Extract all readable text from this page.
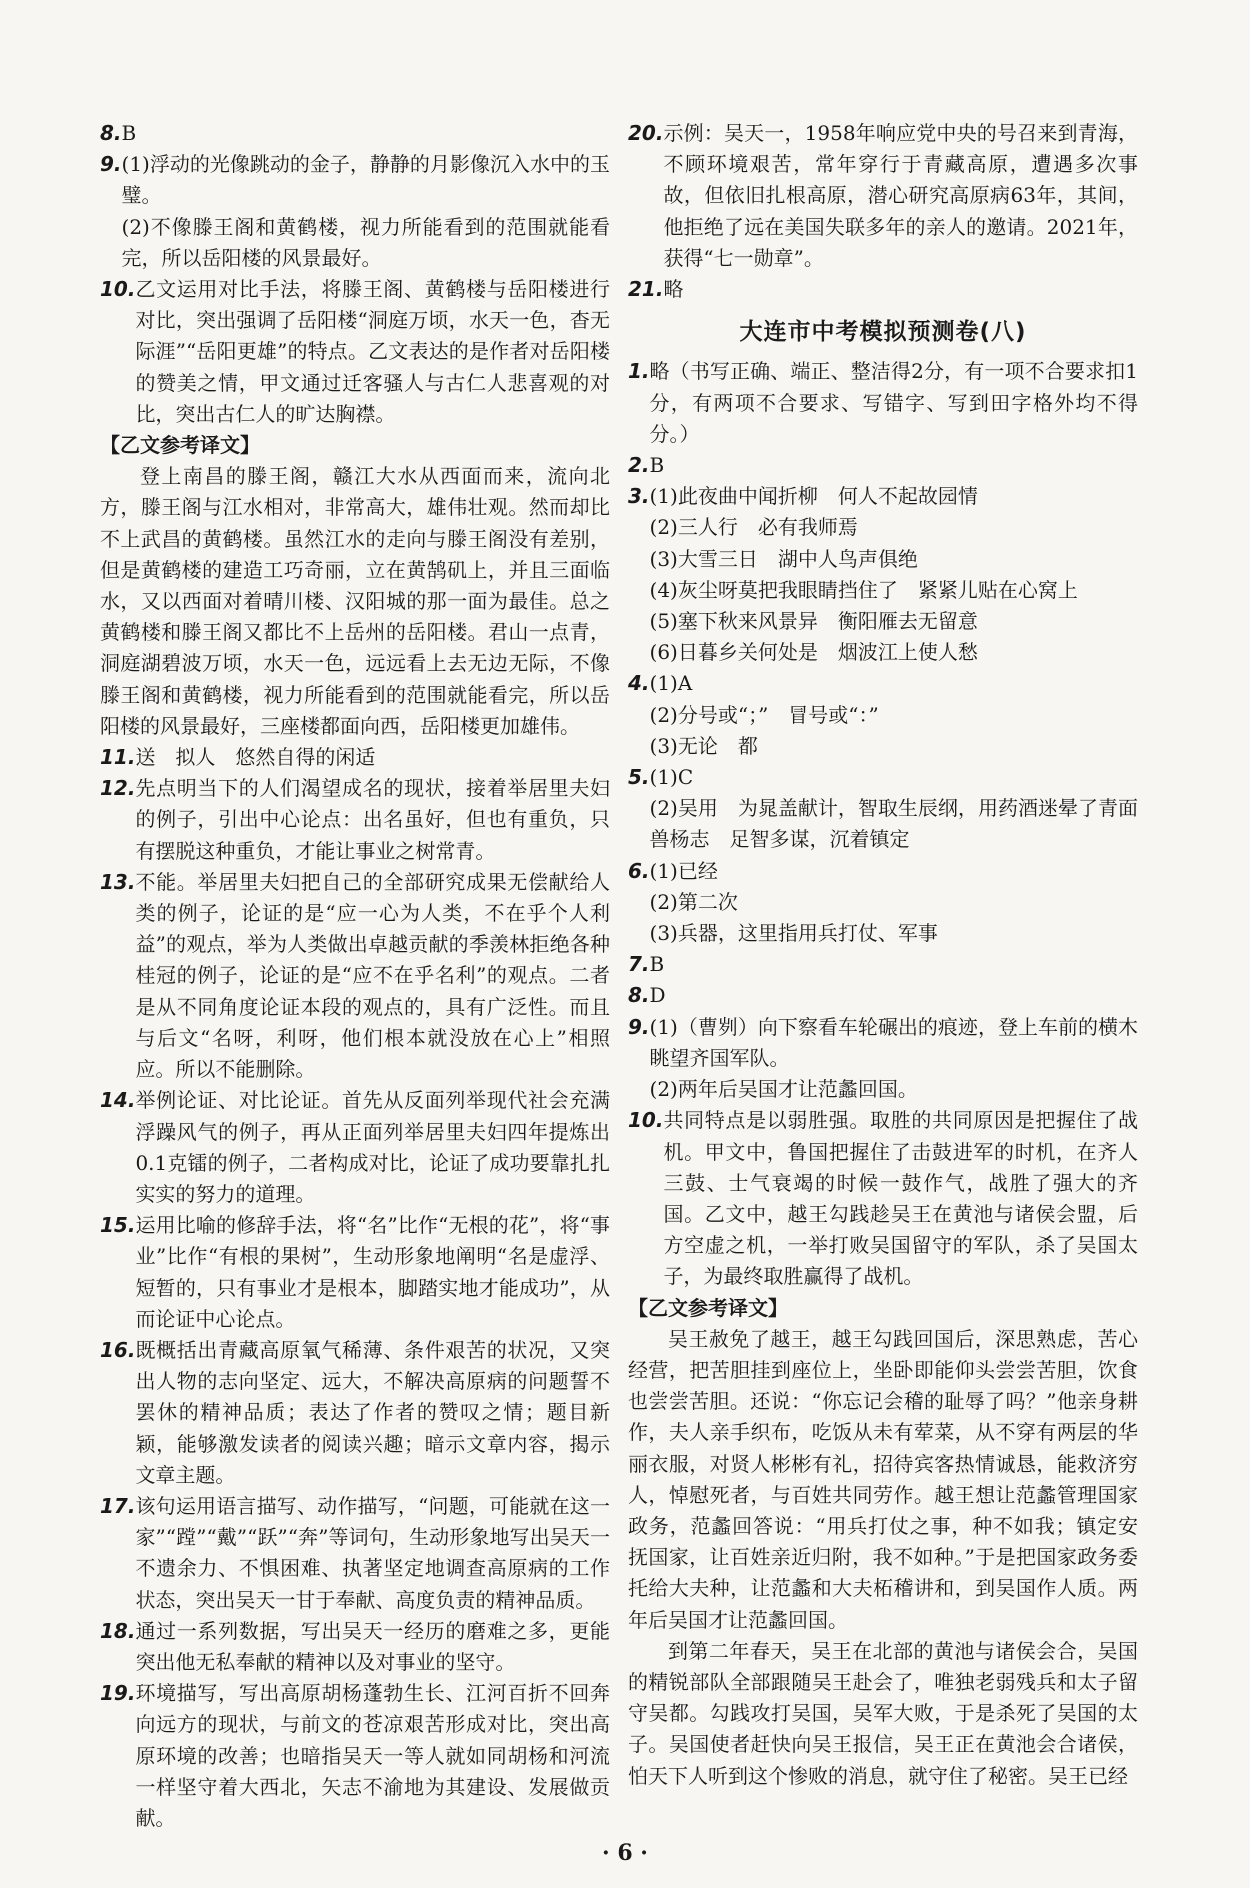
8. B

9. (1)浮动的光像跳动的金子，静静的月影像沉入水中的玉璧。

(2)不像滕王阁和黄鹤楼，视力所能看到的范围就能看完，所以岳阳楼的风景最好。

10. 乙文运用对比手法，将滕王阁、黄鹤楼与岳阳楼进行对比，突出强调了岳阳楼“洞庭万顷，水天一色，杳无际涯”“岳阳更雄”的特点。乙文表达的是作者对岳阳楼的赞美之情，甲文通过迁客骚人与古仁人悲喜观的对比，突出古仁人的旷达胸襟。

【乙文参考译文】

登上南昌的滕王阁，赣江大水从西面而来，流向北方，滕王阁与江水相对，非常高大，雄伟壮观。然而却比不上武昌的黄鹤楼。虽然江水的走向与滕王阁没有差别，但是黄鹤楼的建造工巧奇丽，立在黄鹄矶上，并且三面临水，又以西面对着晴川楼、汉阳城的那一面为最佳。总之黄鹤楼和滕王阁又都比不上岳州的岳阳楼。君山一点青，洞庭湖碧波万顷，水天一色，远远看上去无边无际，不像滕王阁和黄鹤楼，视力所能看到的范围就能看完，所以岳阳楼的风景最好，三座楼都面向西，岳阳楼更加雄伟。

11. 送　拟人　悠然自得的闲适

12. 先点明当下的人们渴望成名的现状，接着举居里夫妇的例子，引出中心论点：出名虽好，但也有重负，只有摆脱这种重负，才能让事业之树常青。

13. 不能。举居里夫妇把自己的全部研究成果无偿献给人类的例子，论证的是“应一心为人类，不在乎个人利益”的观点，举为人类做出卓越贡献的季羡林拒绝各种桂冠的例子，论证的是“应不在乎名利”的观点。二者是从不同角度论证本段的观点的，具有广泛性。而且与后文“名呀，利呀，他们根本就没放在心上”相照应。所以不能删除。

14. 举例论证、对比论证。首先从反面列举现代社会充满浮躁风气的例子，再从正面列举居里夫妇四年提炼出0.1克镭的例子，二者构成对比，论证了成功要靠扎扎实实的努力的道理。

15. 运用比喻的修辞手法，将“名”比作“无根的花”，将“事业”比作“有根的果树”，生动形象地阐明“名是虚浮、短暂的，只有事业才是根本，脚踏实地才能成功”，从而论证中心论点。

16. 既概括出青藏高原氧气稀薄、条件艰苦的状况，又突出人物的志向坚定、远大，不解决高原病的问题誓不罢休的精神品质；表达了作者的赞叹之情；题目新颖，能够激发读者的阅读兴趣；暗示文章内容，揭示文章主题。

17. 该句运用语言描写、动作描写，“问题，可能就在这一家”“蹚”“戴”“跃”“奔”等词句，生动形象地写出吴天一不遗余力、不惧困难、执著坚定地调查高原病的工作状态，突出吴天一甘于奉献、高度负责的精神品质。

18. 通过一系列数据，写出吴天一经历的磨难之多，更能突出他无私奉献的精神以及对事业的坚守。

19. 环境描写，写出高原胡杨蓬勃生长、江河百折不回奔向远方的现状，与前文的苍凉艰苦形成对比，突出高原环境的改善；也暗指吴天一等人就如同胡杨和河流一样坚守着大西北，矢志不渝地为其建设、发展做贡献。

20. 示例：吴天一，1958年响应党中央的号召来到青海，不顾环境艰苦，常年穿行于青藏高原，遭遇多次事故，但依旧扎根高原，潜心研究高原病63年，其间，他拒绝了远在美国失联多年的亲人的邀请。2021年，获得“七一勋章”。

21. 略

大连市中考模拟预测卷(八)
1. 略（书写正确、端正、整洁得2分，有一项不合要求扣1分，有两项不合要求、写错字、写到田字格外均不得分。）

2. B

3. (1)此夜曲中闻折柳　何人不起故园情

(2)三人行　必有我师焉

(3)大雪三日　湖中人鸟声俱绝

(4)灰尘呀莫把我眼睛挡住了　紧紧儿贴在心窝上

(5)塞下秋来风景异　衡阳雁去无留意

(6)日暮乡关何处是　烟波江上使人愁

4. (1)A

(2)分号或“；”　冒号或“：”

(3)无论　都

5. (1)C

(2)吴用　为晁盖献计，智取生辰纲，用药酒迷晕了青面兽杨志　足智多谋，沉着镇定

6. (1)已经

(2)第二次

(3)兵器，这里指用兵打仗、军事

7. B

8. D

9. (1)（曹刿）向下察看车轮碾出的痕迹，登上车前的横木眺望齐国军队。

(2)两年后吴国才让范蠡回国。

10. 共同特点是以弱胜强。取胜的共同原因是把握住了战机。甲文中，鲁国把握住了击鼓进军的时机，在齐人三鼓、士气衰竭的时候一鼓作气，战胜了强大的齐国。乙文中，越王勾践趁吴王在黄池与诸侯会盟，后方空虚之机，一举打败吴国留守的军队，杀了吴国太子，为最终取胜赢得了战机。

【乙文参考译文】

吴王赦免了越王，越王勾践回国后，深思熟虑，苦心经营，把苦胆挂到座位上，坐卧即能仰头尝尝苦胆，饮食也尝尝苦胆。还说：“你忘记会稽的耻辱了吗？”他亲身耕作，夫人亲手织布，吃饭从未有荤菜，从不穿有两层的华丽衣服，对贤人彬彬有礼，招待宾客热情诚恳，能救济穷人，悼慰死者，与百姓共同劳作。越王想让范蠡管理国家政务，范蠡回答说：“用兵打仗之事，种不如我；镇定安抚国家，让百姓亲近归附，我不如种。”于是把国家政务委托给大夫种，让范蠡和大夫柘稽讲和，到吴国作人质。两年后吴国才让范蠡回国。

到第二年春天，吴王在北部的黄池与诸侯会合，吴国的精锐部队全部跟随吴王赴会了，唯独老弱残兵和太子留守吴都。勾践攻打吴国，吴军大败，于是杀死了吴国的太子。吴国使者赶快向吴王报信，吴王正在黄池会合诸侯，怕天下人听到这个惨败的消息，就守住了秘密。吴王已经

· 6 ·
